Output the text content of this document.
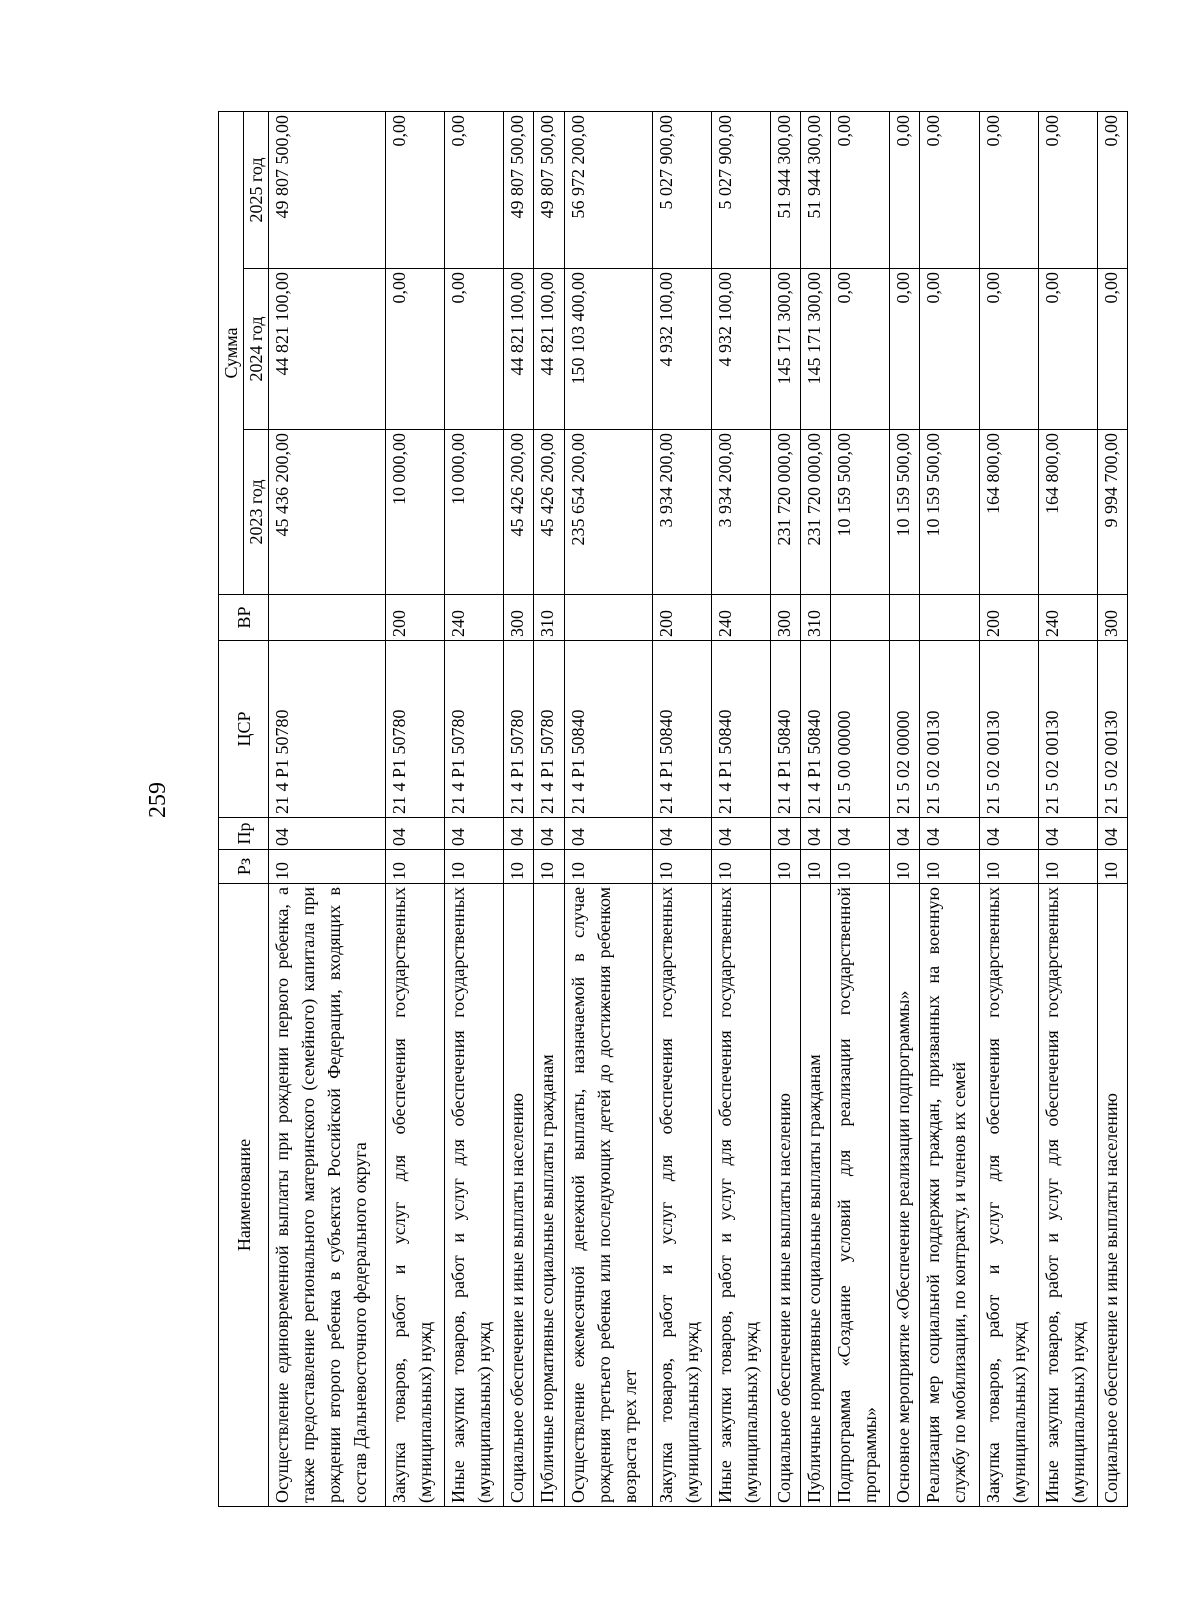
259
Наименование	Рз	Пр	ЦСР	ВР	Сумма		
					2023 год	2024 год	2025 год
Осуществление единовременной выплаты при рождении первого ребенка, а также предоставление регионального материнского (семейного) капитала при рождении второго ребенка в субъектах Российской Федерации, входящих в состав Дальневосточного федерального округа	10	04	21 4 P1 50780		45 436 200,00	44 821 100,00	49 807 500,00
Закупка товаров, работ и услуг для обеспечения государственных (муниципальных) нужд	10	04	21 4 P1 50780	200	10 000,00	0,00	0,00
Иные закупки товаров, работ и услуг для обеспечения государственных (муниципальных) нужд	10	04	21 4 P1 50780	240	10 000,00	0,00	0,00
Социальное обеспечение и иные выплаты населению	10	04	21 4 P1 50780	300	45 426 200,00	44 821 100,00	49 807 500,00
Публичные нормативные социальные выплаты гражданам	10	04	21 4 P1 50780	310	45 426 200,00	44 821 100,00	49 807 500,00
Осуществление ежемесячной денежной выплаты, назначаемой в случае рождения третьего ребенка или последующих детей до достижения ребенком возраста трех лет	10	04	21 4 P1 50840		235 654 200,00	150 103 400,00	56 972 200,00
Закупка товаров, работ и услуг для обеспечения государственных (муниципальных) нужд	10	04	21 4 P1 50840	200	3 934 200,00	4 932 100,00	5 027 900,00
Иные закупки товаров, работ и услуг для обеспечения государственных (муниципальных) нужд	10	04	21 4 P1 50840	240	3 934 200,00	4 932 100,00	5 027 900,00
Социальное обеспечение и иные выплаты населению	10	04	21 4 P1 50840	300	231 720 000,00	145 171 300,00	51 944 300,00
Публичные нормативные социальные выплаты гражданам	10	04	21 4 P1 50840	310	231 720 000,00	145 171 300,00	51 944 300,00
Подпрограмма «Создание условий для реализации государственной программы»	10	04	21 5 00 00000		10 159 500,00	0,00	0,00
Основное мероприятие «Обеспечение реализации подпрограммы»	10	04	21 5 02 00000		10 159 500,00	0,00	0,00
Реализация мер социальной поддержки граждан, призванных на военную службу по мобилизации, по контракту, и членов их семей	10	04	21 5 02 00130		10 159 500,00	0,00	0,00
Закупка товаров, работ и услуг для обеспечения государственных (муниципальных) нужд	10	04	21 5 02 00130	200	164 800,00	0,00	0,00
Иные закупки товаров, работ и услуг для обеспечения государственных (муниципальных) нужд	10	04	21 5 02 00130	240	164 800,00	0,00	0,00
Социальное обеспечение и иные выплаты населению	10	04	21 5 02 00130	300	9 994 700,00	0,00	0,00
